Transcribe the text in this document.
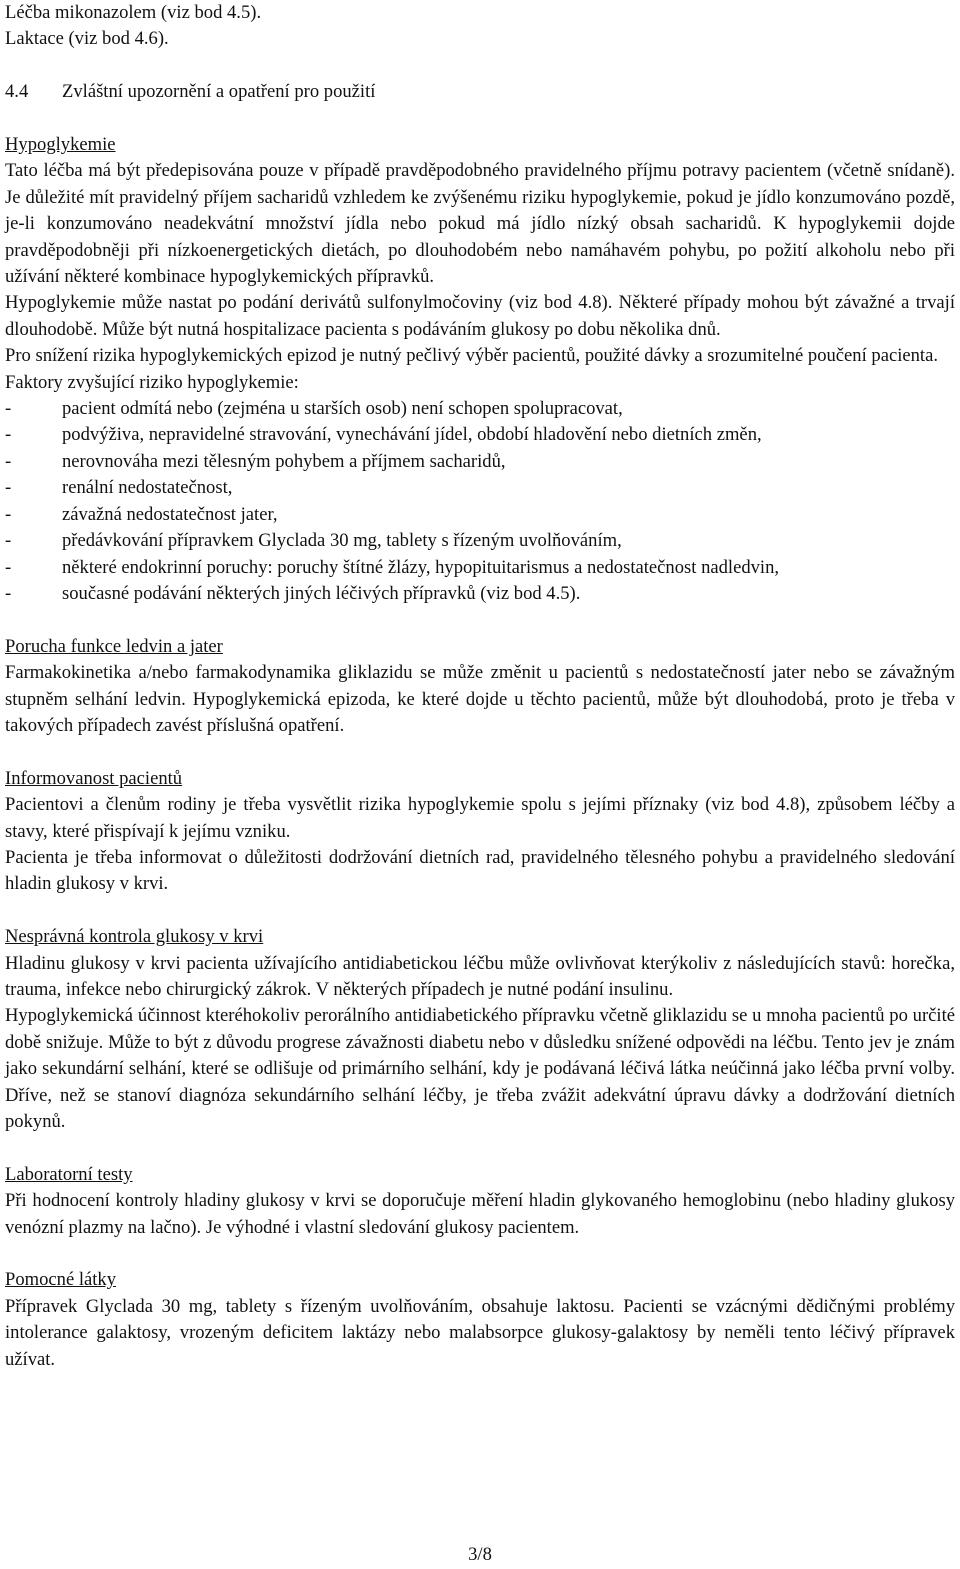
Léčba mikonazolem (viz bod 4.5).

Laktace (viz bod 4.6).

4.4	Zvláštní upozornění a opatření pro použití

Hypoglykemie

Tato léčba má být předepisována pouze v případě pravděpodobného pravidelného příjmu potravy pacientem (včetně snídaně). Je důležité mít pravidelný příjem sacharidů vzhledem ke zvýšenému riziku hypoglykemie, pokud je jídlo konzumováno pozdě, je-li konzumováno neadekvátní množství jídla nebo pokud má jídlo nízký obsah sacharidů. K hypoglykemii dojde pravděpodobněji při nízkoenergetických dietách, po dlouhodobém nebo namáhavém pohybu, po požití alkoholu nebo při užívání některé kombinace hypoglykemických přípravků.

Hypoglykemie může nastat po podání derivátů sulfonylmočoviny (viz bod 4.8). Některé případy mohou být závažné a trvají dlouhodobě. Může být nutná hospitalizace pacienta s podáváním glukosy po dobu několika dnů.

Pro snížení rizika hypoglykemických epizod je nutný pečlivý výběr pacientů, použité dávky a srozumitelné poučení pacienta.

Faktory zvyšující riziko hypoglykemie:

-	pacient odmítá nebo (zejména u starších osob) není schopen spolupracovat,
-	podvýživa, nepravidelné stravování, vynechávání jídel, období hladovění nebo dietních změn,
-	nerovnováha mezi tělesným pohybem a příjmem sacharidů,
-	renální nedostatečnost,
-	závažná nedostatečnost jater,
-	předávkování přípravkem Glyclada 30 mg, tablety s řízeným uvolňováním,
-	některé endokrinní poruchy: poruchy štítné žlázy, hypopituitarismus a nedostatečnost nadledvin,
-	současné podávání některých jiných léčivých přípravků (viz bod 4.5).

Porucha funkce ledvin a jater

Farmakokinetika a/nebo farmakodynamika gliklazidu se může změnit u pacientů s nedostatečností jater nebo se závažným stupněm selhání ledvin. Hypoglykemická epizoda, ke které dojde u těchto pacientů, může být dlouhodobá, proto je třeba v takových případech zavést příslušná opatření.

Informovanost pacientů

Pacientovi a členům rodiny je třeba vysvětlit rizika hypoglykemie spolu s jejími příznaky (viz bod 4.8), způsobem léčby a stavy, které přispívají k jejímu vzniku.

Pacienta je třeba informovat o důležitosti dodržování dietních rad, pravidelného tělesného pohybu a pravidelného sledování hladin glukosy v krvi.

Nesprávná kontrola glukosy v krvi

Hladinu glukosy v krvi pacienta užívajícího antidiabetickou léčbu může ovlivňovat kterýkoliv z následujících stavů: horečka, trauma, infekce nebo chirurgický zákrok. V některých případech je nutné podání insulinu.

Hypoglykemická účinnost kteréhokoliv perorálního antidiabetického přípravku včetně gliklazidu se u mnoha pacientů po určité době snižuje. Může to být z důvodu progrese závažnosti diabetu nebo v důsledku snížené odpovědi na léčbu. Tento jev je znám jako sekundární selhání, které se odlišuje od primárního selhání, kdy je podávaná léčivá látka neúčinná jako léčba první volby. Dříve, než se stanoví diagnóza sekundárního selhání léčby, je třeba zvážit adekvátní úpravu dávky a dodržování dietních pokynů.

Laboratorní testy

Při hodnocení kontroly hladiny glukosy v krvi se doporučuje měření hladin glykovaného hemoglobinu (nebo hladiny glukosy venózní plazmy na lačno). Je výhodné i vlastní sledování glukosy pacientem.

Pomocné látky

Přípravek Glyclada 30 mg, tablety s řízeným uvolňováním, obsahuje laktosu. Pacienti se vzácnými dědičnými problémy intolerance galaktosy, vrozeným deficitem laktázy nebo malabsorpce glukosy-galaktosy by neměli tento léčivý přípravek užívat.

3/8
